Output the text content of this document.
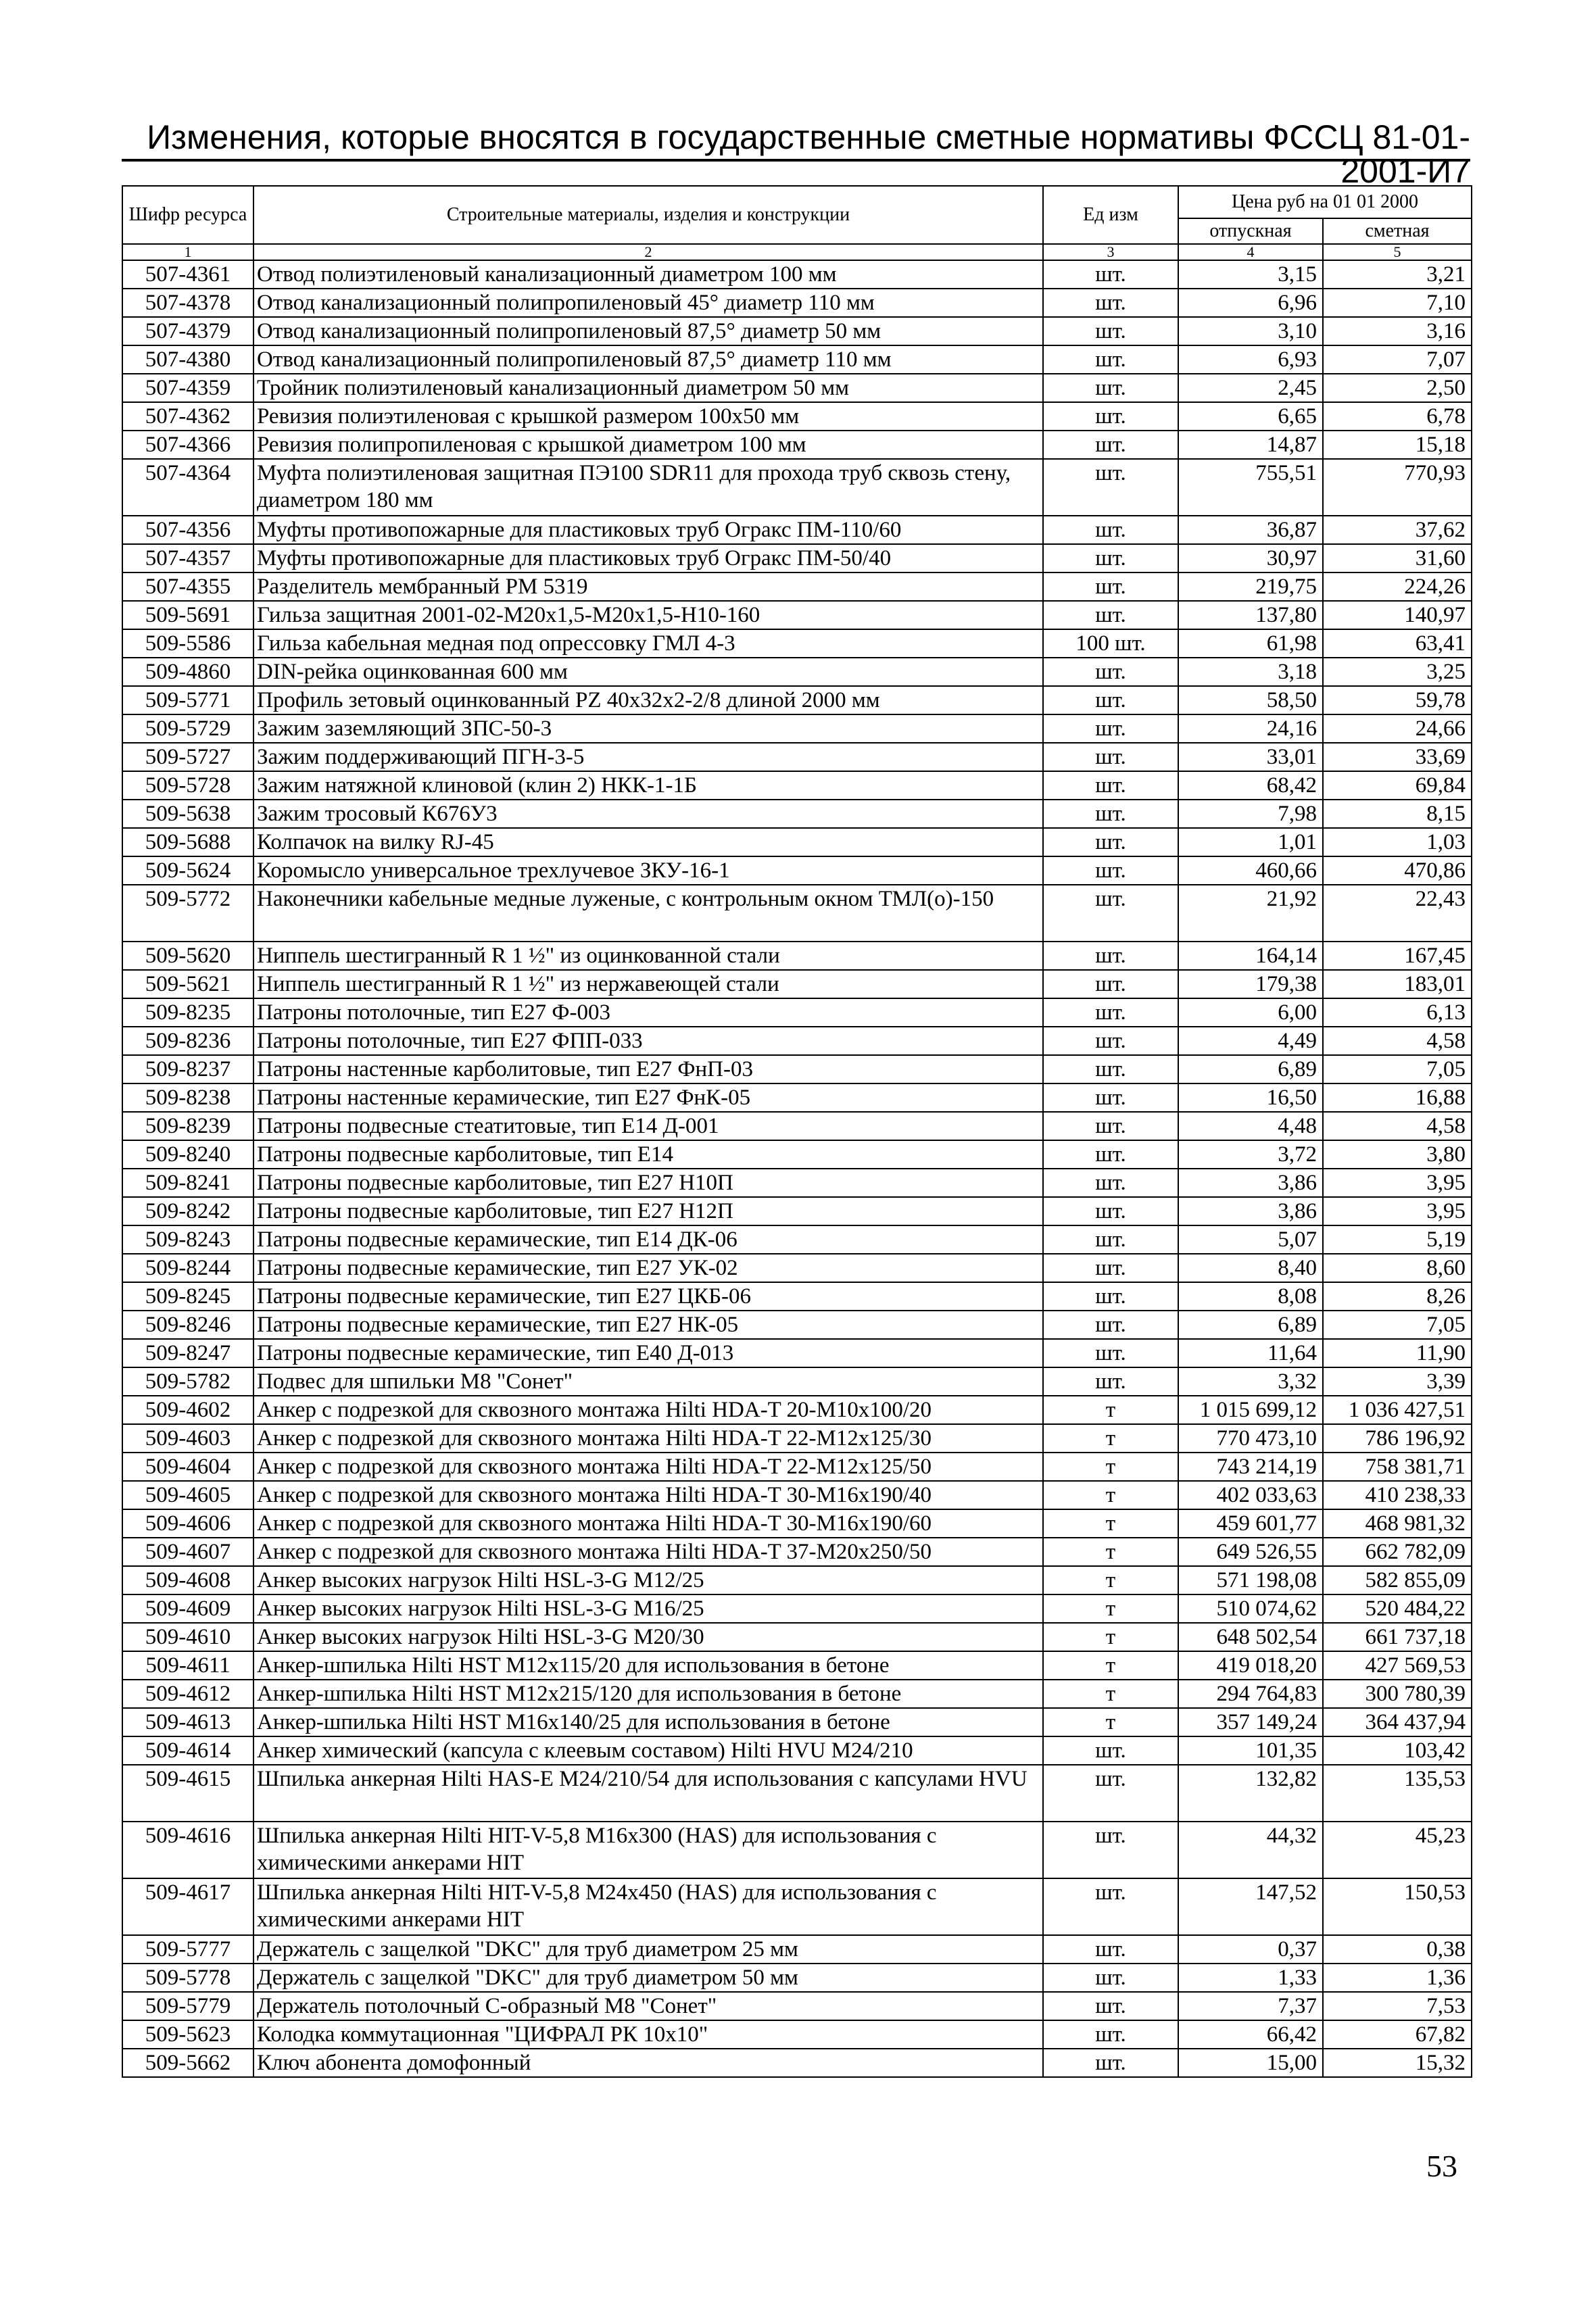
Изменения, которые вносятся в государственные сметные нормативы ФССЦ 81-01-2001-И7
Шифр ресурса	Строительные материалы, изделия и конструкции	Ед изм	Цена руб на 01 01 2000	
			отпускная	сметная
1	2	3	4	5
507-4361	Отвод полиэтиленовый канализационный диаметром 100 мм	шт.	3,15	3,21
507-4378	Отвод канализационный полипропиленовый 45° диаметр 110 мм	шт.	6,96	7,10
507-4379	Отвод канализационный полипропиленовый 87,5° диаметр 50 мм	шт.	3,10	3,16
507-4380	Отвод канализационный полипропиленовый 87,5° диаметр 110 мм	шт.	6,93	7,07
507-4359	Тройник полиэтиленовый канализационный диаметром 50 мм	шт.	2,45	2,50
507-4362	Ревизия полиэтиленовая с крышкой размером 100х50 мм	шт.	6,65	6,78
507-4366	Ревизия полипропиленовая с крышкой диаметром 100 мм	шт.	14,87	15,18
507-4364	Муфта полиэтиленовая защитная ПЭ100 SDR11 для прохода труб сквозь стену, диаметром 180 мм	шт.	755,51	770,93
507-4356	Муфты противопожарные для пластиковых труб Огракс ПМ-110/60	шт.	36,87	37,62
507-4357	Муфты противопожарные для пластиковых труб Огракс ПМ-50/40	шт.	30,97	31,60
507-4355	Разделитель мембранный РМ 5319	шт.	219,75	224,26
509-5691	Гильза защитная 2001-02-М20х1,5-М20х1,5-Н10-160	шт.	137,80	140,97
509-5586	Гильза кабельная медная под опрессовку ГМЛ 4-3	100 шт.	61,98	63,41
509-4860	DIN-рейка оцинкованная 600 мм	шт.	3,18	3,25
509-5771	Профиль зетовый оцинкованный PZ 40х32х2-2/8 длиной 2000 мм	шт.	58,50	59,78
509-5729	Зажим заземляющий ЗПС-50-3	шт.	24,16	24,66
509-5727	Зажим поддерживающий ПГН-3-5	шт.	33,01	33,69
509-5728	Зажим натяжной клиновой (клин 2) НКК-1-1Б	шт.	68,42	69,84
509-5638	Зажим тросовый К676У3	шт.	7,98	8,15
509-5688	Колпачок на вилку RJ-45	шт.	1,01	1,03
509-5624	Коромысло универсальное трехлучевое ЗКУ-16-1	шт.	460,66	470,86
509-5772	Наконечники кабельные медные луженые, с контрольным окном ТМЛ(о)-150	шт.	21,92	22,43
509-5620	Ниппель шестигранный R 1 ½" из оцинкованной стали	шт.	164,14	167,45
509-5621	Ниппель шестигранный R 1 ½" из нержавеющей стали	шт.	179,38	183,01
509-8235	Патроны потолочные, тип Е27 Ф-003	шт.	6,00	6,13
509-8236	Патроны потолочные, тип Е27 ФПП-033	шт.	4,49	4,58
509-8237	Патроны настенные карболитовые, тип Е27 ФнП-03	шт.	6,89	7,05
509-8238	Патроны настенные керамические, тип Е27 ФнК-05	шт.	16,50	16,88
509-8239	Патроны подвесные стеатитовые, тип Е14 Д-001	шт.	4,48	4,58
509-8240	Патроны подвесные карболитовые, тип Е14	шт.	3,72	3,80
509-8241	Патроны подвесные карболитовые, тип Е27 Н10П	шт.	3,86	3,95
509-8242	Патроны подвесные карболитовые, тип Е27 Н12П	шт.	3,86	3,95
509-8243	Патроны подвесные керамические, тип Е14 ДК-06	шт.	5,07	5,19
509-8244	Патроны подвесные керамические, тип Е27 УК-02	шт.	8,40	8,60
509-8245	Патроны подвесные керамические, тип Е27 ЦКБ-06	шт.	8,08	8,26
509-8246	Патроны подвесные керамические, тип Е27 НК-05	шт.	6,89	7,05
509-8247	Патроны подвесные керамические, тип Е40 Д-013	шт.	11,64	11,90
509-5782	Подвес для шпильки М8 "Сонет"	шт.	3,32	3,39
509-4602	Анкер с подрезкой для сквозного монтажа Hilti HDA-T 20-M10x100/20	т	1 015 699,12	1 036 427,51
509-4603	Анкер с подрезкой для сквозного монтажа Hilti HDA-T 22-M12x125/30	т	770 473,10	786 196,92
509-4604	Анкер с подрезкой для сквозного монтажа Hilti HDA-T 22-M12x125/50	т	743 214,19	758 381,71
509-4605	Анкер с подрезкой для сквозного монтажа Hilti HDA-T 30-M16x190/40	т	402 033,63	410 238,33
509-4606	Анкер с подрезкой для сквозного монтажа Hilti HDA-T 30-M16x190/60	т	459 601,77	468 981,32
509-4607	Анкер с подрезкой для сквозного монтажа Hilti HDA-T 37-M20x250/50	т	649 526,55	662 782,09
509-4608	Анкер высоких нагрузок Hilti HSL-3-G M12/25	т	571 198,08	582 855,09
509-4609	Анкер высоких нагрузок Hilti HSL-3-G M16/25	т	510 074,62	520 484,22
509-4610	Анкер высоких нагрузок Hilti HSL-3-G M20/30	т	648 502,54	661 737,18
509-4611	Анкер-шпилька Hilti HST M12x115/20 для использования в бетоне	т	419 018,20	427 569,53
509-4612	Анкер-шпилька Hilti HST M12x215/120 для использования в бетоне	т	294 764,83	300 780,39
509-4613	Анкер-шпилька Hilti HST M16x140/25 для использования в бетоне	т	357 149,24	364 437,94
509-4614	Анкер химический (капсула с клеевым составом) Hilti HVU M24/210	шт.	101,35	103,42
509-4615	Шпилька анкерная Hilti HAS-E M24/210/54 для использования с капсулами HVU	шт.	132,82	135,53
509-4616	Шпилька анкерная Hilti HIT-V-5,8 M16x300 (HAS) для использования с химическими анкерами HIT	шт.	44,32	45,23
509-4617	Шпилька анкерная Hilti HIT-V-5,8 M24x450 (HAS) для использования с химическими анкерами HIT	шт.	147,52	150,53
509-5777	Держатель с защелкой "DKC" для труб диаметром 25 мм	шт.	0,37	0,38
509-5778	Держатель с защелкой "DKC" для труб диаметром 50 мм	шт.	1,33	1,36
509-5779	Держатель потолочный С-образный М8 "Сонет"	шт.	7,37	7,53
509-5623	Колодка коммутационная "ЦИФРАЛ РК 10х10"	шт.	66,42	67,82
509-5662	Ключ абонента домофонный	шт.	15,00	15,32
53
